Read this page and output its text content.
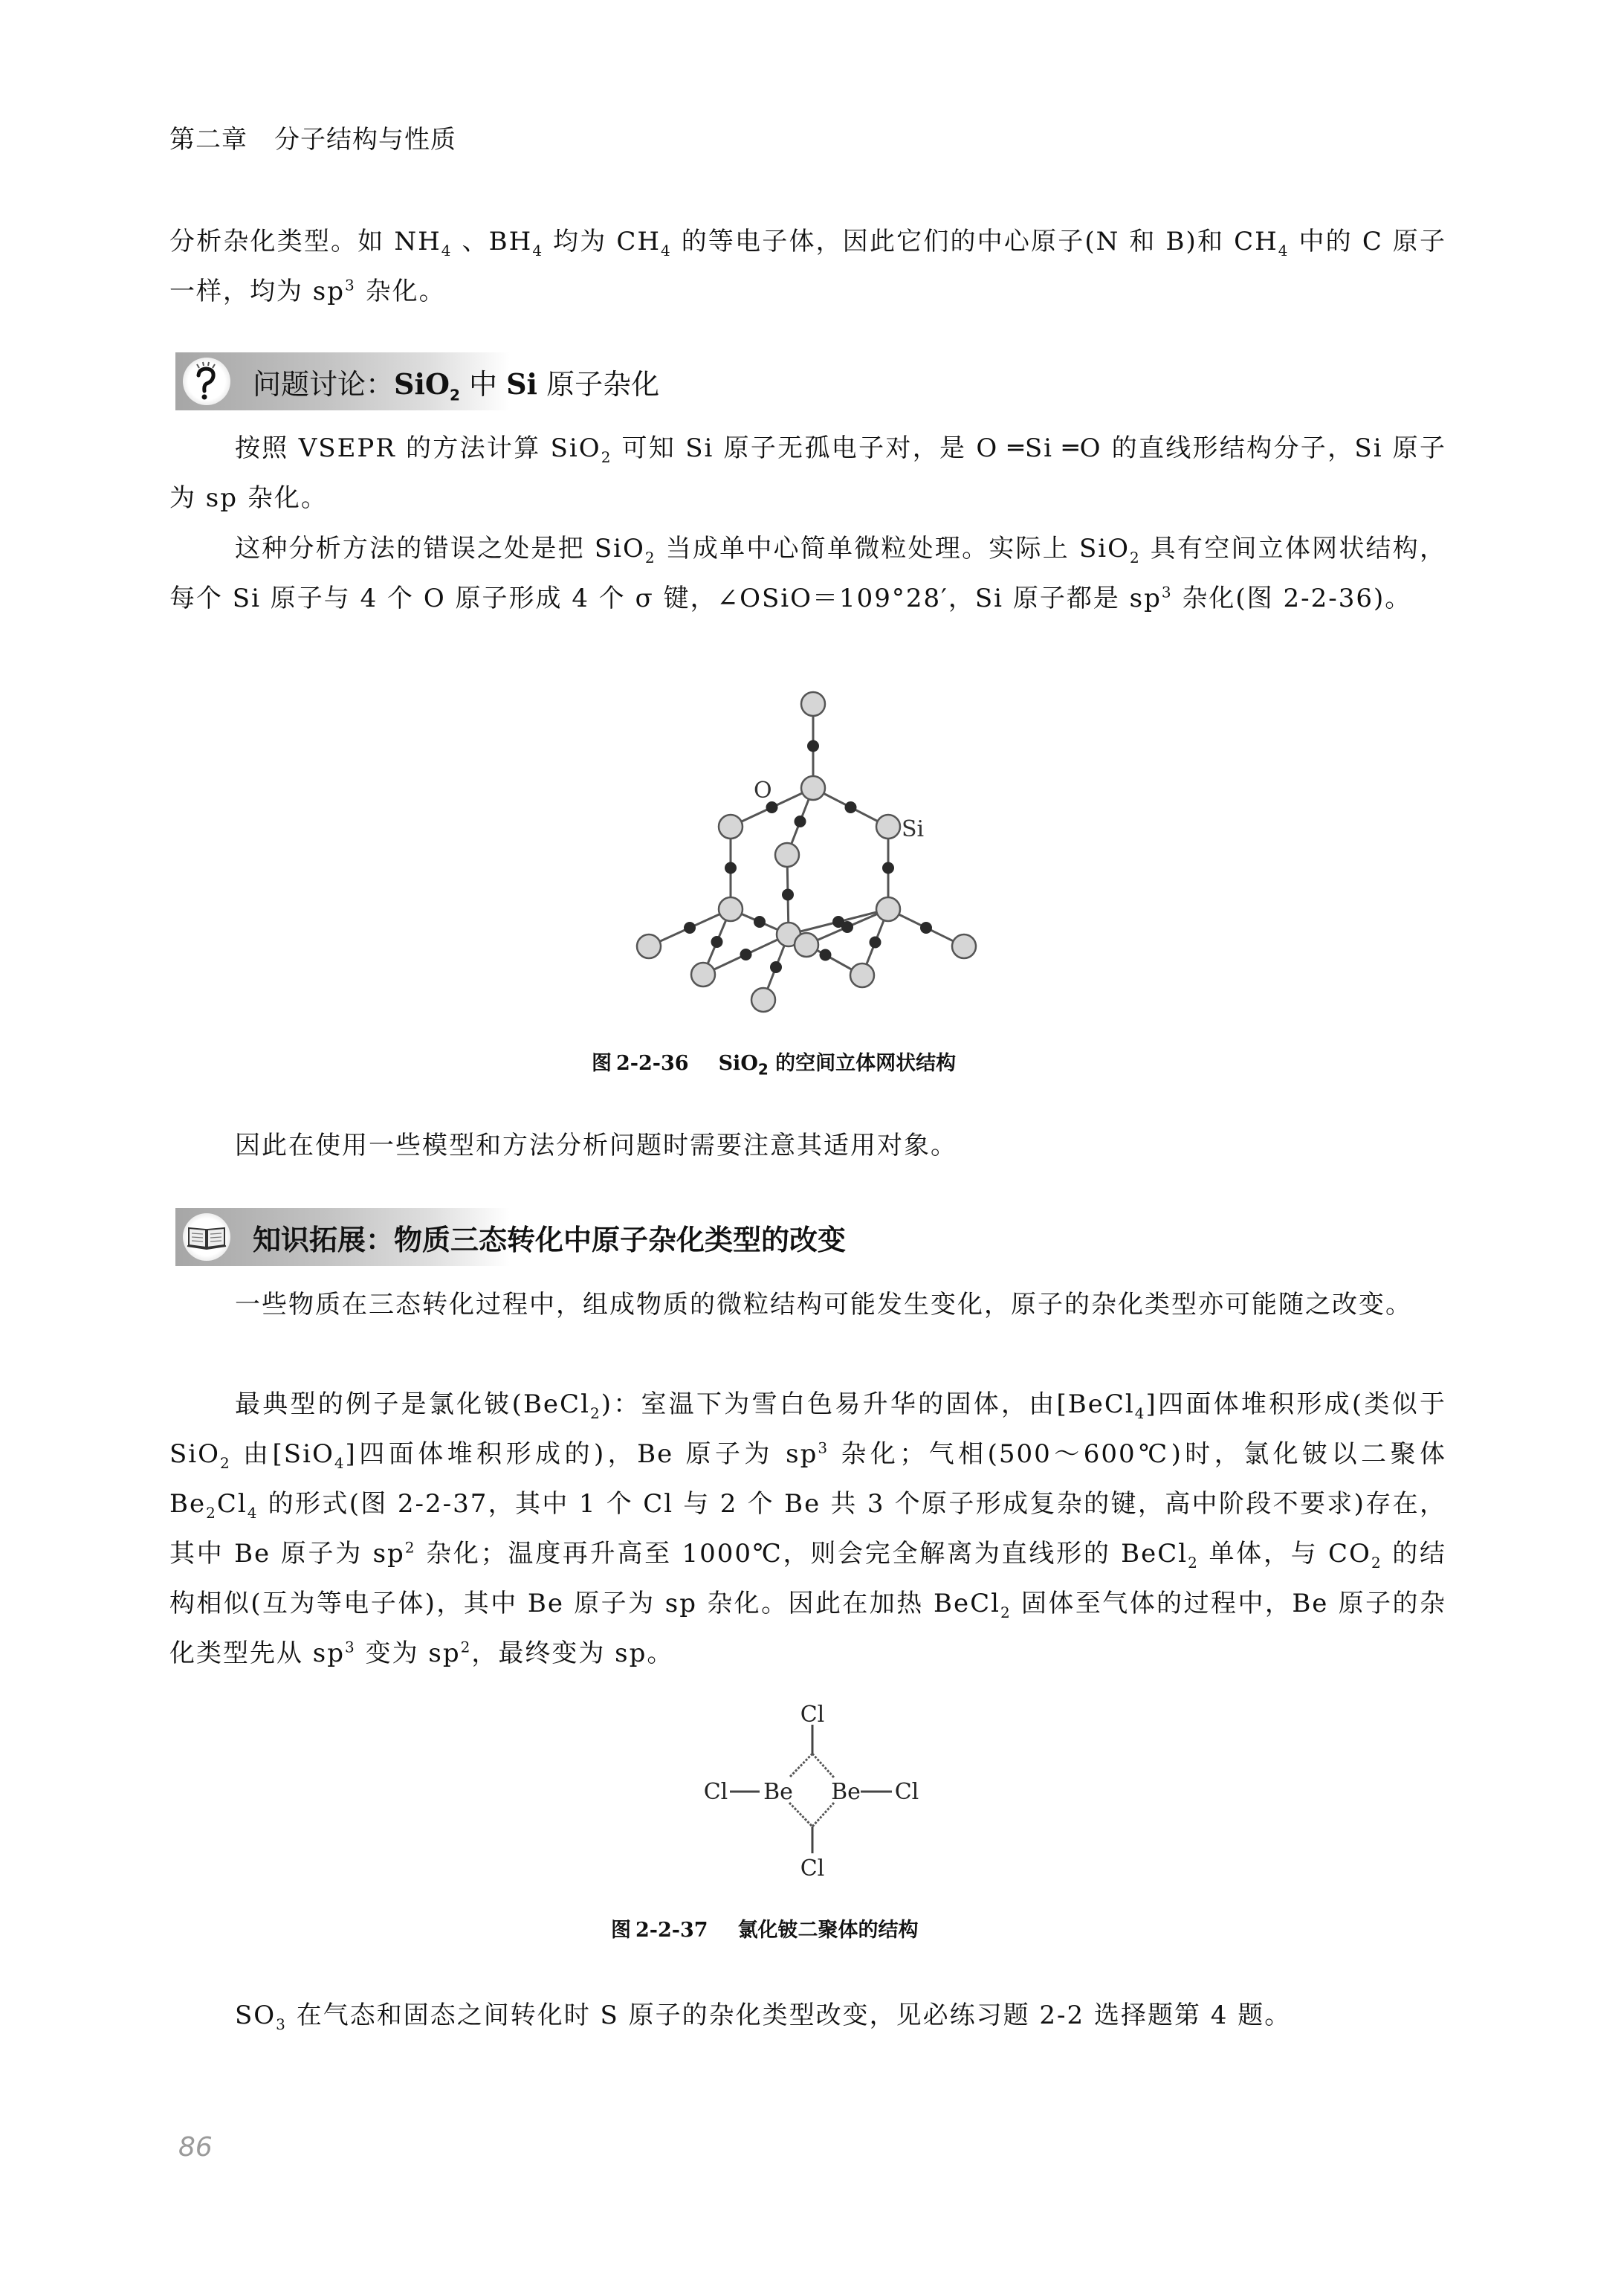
第二章 分子结构与性质
分析杂化类型。如 $NH_4$ 、$BH_4$ 均为 $CH_4$ 的等电子体，因此它们的中心原子(N 和 B)和 $CH_4$ 中的 C 原子一样，均为 $sp^3$ 杂化。
问题讨论：SiO$_2$ 中 Si 原子杂化
按照 VSEPR 的方法计算 SiO$_2$ 可知 Si 原子无孤电子对，是 O ═Si ═O 的直线形结构分子，Si 原子为 sp 杂化。
这种分析方法的错误之处是把 SiO$_2$ 当成单中心简单微粒处理。实际上 SiO$_2$ 具有空间立体网状结构，每个 Si 原子与 4 个 O 原子形成 4 个 σ 键，∠OSiO＝109°28′，Si 原子都是 $sp^3$ 杂化(图 2-2-36)。
O
Si
图 2-2-36 SiO$_2$ 的空间立体网状结构
因此在使用一些模型和方法分析问题时需要注意其适用对象。
知识拓展：物质三态转化中原子杂化类型的改变
一些物质在三态转化过程中，组成物质的微粒结构可能发生变化，原子的杂化类型亦可能随之改变。
最典型的例子是氯化铍(BeCl$_2$)：室温下为雪白色易升华的固体，由[BeCl$_4$]四面体堆积形成(类似于 SiO$_2$ 由[SiO$_4$]四面体堆积形成的)，Be 原子为 $sp^3$ 杂化；气相(500～600℃)时，氯化铍以二聚体 $Be_2Cl_4$ 的形式(图 2-2-37，其中 1 个 Cl 与 2 个 Be 共 3 个原子形成复杂的键，高中阶段不要求)存在，其中 Be 原子为 $sp^2$ 杂化；温度再升高至 1000℃，则会完全解离为直线形的 BeCl$_2$ 单体，与 $CO_2$ 的结构相似(互为等电子体)，其中 Be 原子为 sp 杂化。因此在加热 BeCl$_2$ 固体至气体的过程中，Be 原子的杂化类型先从 $sp^3$ 变为 $sp^2$，最终变为 sp。
Cl
Cl Be Be Cl
Cl
图 2-2-37 氯化铍二聚体的结构
$SO_3$ 在气态和固态之间转化时 S 原子的杂化类型改变，见必练习题 2-2 选择题第 4 题。
86
